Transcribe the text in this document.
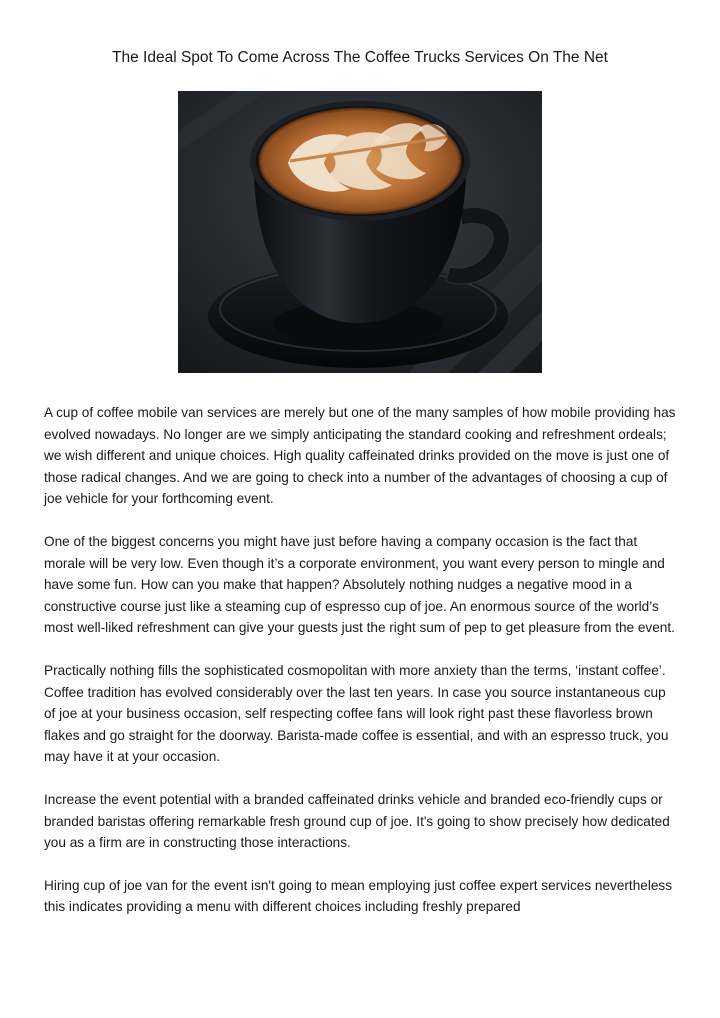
The Ideal Spot To Come Across The Coffee Trucks Services On The Net

A cup of coffee mobile van services are merely but one of the many samples of how mobile providing has evolved nowadays. No longer are we simply anticipating the standard cooking and refreshment ordeals; we wish different and unique choices. High quality caffeinated drinks provided on the move is just one of those radical changes. And we are going to check into a number of the advantages of choosing a cup of joe vehicle for your forthcoming event.

One of the biggest concerns you might have just before having a company occasion is the fact that morale will be very low. Even though it’s a corporate environment, you want every person to mingle and have some fun. How can you make that happen? Absolutely nothing nudges a negative mood in a constructive course just like a steaming cup of espresso cup of joe. An enormous source of the world’s most well-liked refreshment can give your guests just the right sum of pep to get pleasure from the event.

Practically nothing fills the sophisticated cosmopolitan with more anxiety than the terms, ‘instant coffee’. Coffee tradition has evolved considerably over the last ten years. In case you source instantaneous cup of joe at your business occasion, self respecting coffee fans will look right past these flavorless brown flakes and go straight for the doorway. Barista-made coffee is essential, and with an espresso truck, you may have it at your occasion.

Increase the event potential with a branded caffeinated drinks vehicle and branded eco-friendly cups or branded baristas offering remarkable fresh ground cup of joe. It's going to show precisely how dedicated you as a firm are in constructing those interactions.

Hiring cup of joe van for the event isn't going to mean employing just coffee expert services nevertheless this indicates providing a menu with different choices including freshly prepared
